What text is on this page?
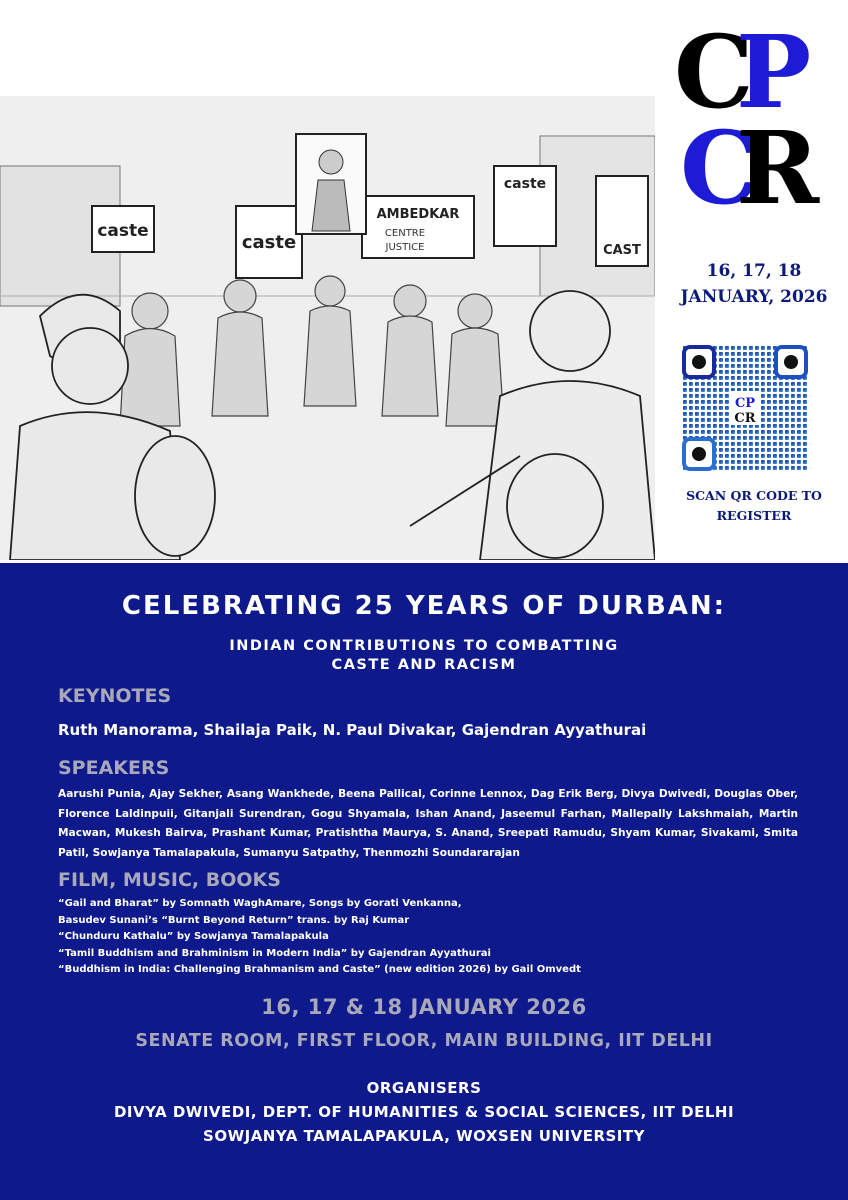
caste
caste
AMBEDKAR
CENTRE
JUSTICE
caste
CAST
C
P
C
R
16, 17, 18
JANUARY, 2026
CP
CR
SCAN QR CODE TO
REGISTER
CELEBRATING 25 YEARS OF DURBAN:
INDIAN CONTRIBUTIONS TO COMBATTING
CASTE AND RACISM
KEYNOTES
Ruth Manorama, Shailaja Paik, N. Paul Divakar, Gajendran Ayyathurai
SPEAKERS
Aarushi Punia, Ajay Sekher, Asang Wankhede, Beena Pallical, Corinne Lennox, Dag Erik Berg, Divya Dwivedi, Douglas Ober, Florence Laldinpuii, Gitanjali Surendran, Gogu Shyamala, Ishan Anand, Jaseemul Farhan, Mallepally Lakshmaiah, Martin Macwan, Mukesh Bairva, Prashant Kumar, Pratishtha Maurya, S. Anand, Sreepati Ramudu, Shyam Kumar, Sivakami, Smita Patil, Sowjanya Tamalapakula, Sumanyu Satpathy, Thenmozhi Soundararajan
FILM, MUSIC, BOOKS
“Gail and Bharat” by Somnath WaghAmare, Songs by Gorati Venkanna,
Basudev Sunani’s “Burnt Beyond Return” trans. by Raj Kumar
“Chunduru Kathalu” by Sowjanya Tamalapakula
“Tamil Buddhism and Brahminism in Modern India” by Gajendran Ayyathurai
“Buddhism in India: Challenging Brahmanism and Caste” (new edition 2026) by Gail Omvedt
16, 17 & 18 JANUARY 2026
SENATE ROOM, FIRST FLOOR, MAIN BUILDING, IIT DELHI
ORGANISERS
DIVYA DWIVEDI, DEPT. OF HUMANITIES & SOCIAL SCIENCES, IIT DELHI
SOWJANYA TAMALAPAKULA, WOXSEN UNIVERSITY
